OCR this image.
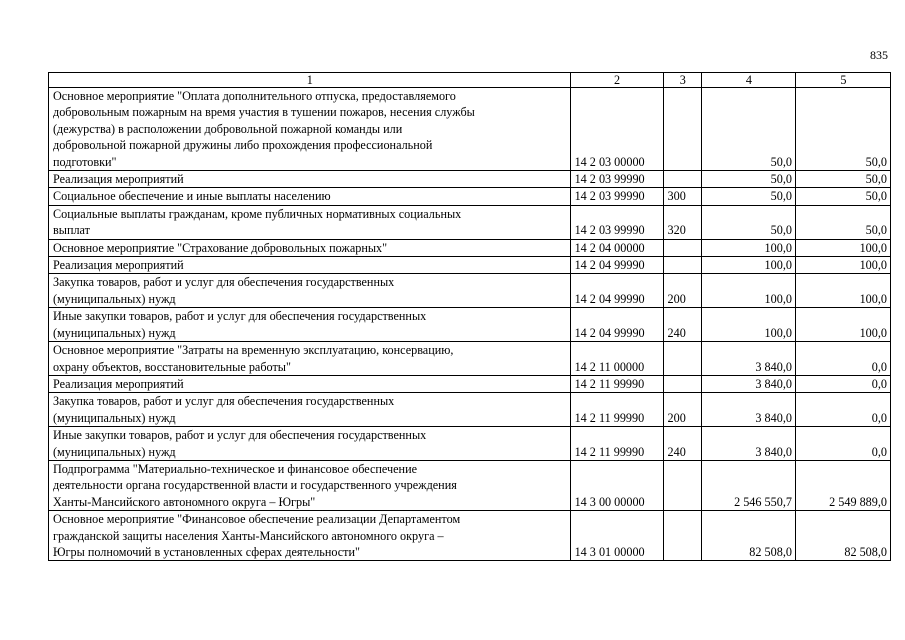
835
1	2	3	4	5
Основное мероприятие "Оплата дополнительного отпуска, предоставляемого
добровольным пожарным на время участия в тушении пожаров, несения службы
(дежурства) в расположении добровольной пожарной команды или
добровольной пожарной дружины либо прохождения профессиональной
подготовки"	14 2 03 00000		50,0	50,0
Реализация мероприятий	14 2 03 99990		50,0	50,0
Социальное обеспечение и иные выплаты населению	14 2 03 99990	300	50,0	50,0
Социальные выплаты гражданам, кроме публичных нормативных социальных
выплат	14 2 03 99990	320	50,0	50,0
Основное мероприятие "Страхование добровольных пожарных"	14 2 04 00000		100,0	100,0
Реализация мероприятий	14 2 04 99990		100,0	100,0
Закупка товаров, работ и услуг для обеспечения государственных
(муниципальных) нужд	14 2 04 99990	200	100,0	100,0
Иные закупки товаров, работ и услуг для обеспечения государственных
(муниципальных) нужд	14 2 04 99990	240	100,0	100,0
Основное мероприятие "Затраты на временную эксплуатацию, консервацию,
охрану объектов, восстановительные работы"	14 2 11 00000		3 840,0	0,0
Реализация мероприятий	14 2 11 99990		3 840,0	0,0
Закупка товаров, работ и услуг для обеспечения государственных
(муниципальных) нужд	14 2 11 99990	200	3 840,0	0,0
Иные закупки товаров, работ и услуг для обеспечения государственных
(муниципальных) нужд	14 2 11 99990	240	3 840,0	0,0
Подпрограмма "Материально-техническое и финансовое обеспечение
деятельности органа государственной власти и государственного учреждения
Ханты-Мансийского автономного округа – Югры"	14 3 00 00000		2 546 550,7	2 549 889,0
Основное мероприятие "Финансовое обеспечение реализации Департаментом
гражданской защиты населения Ханты-Мансийского автономного округа –
Югры полномочий в установленных сферах деятельности"	14 3 01 00000		82 508,0	82 508,0
